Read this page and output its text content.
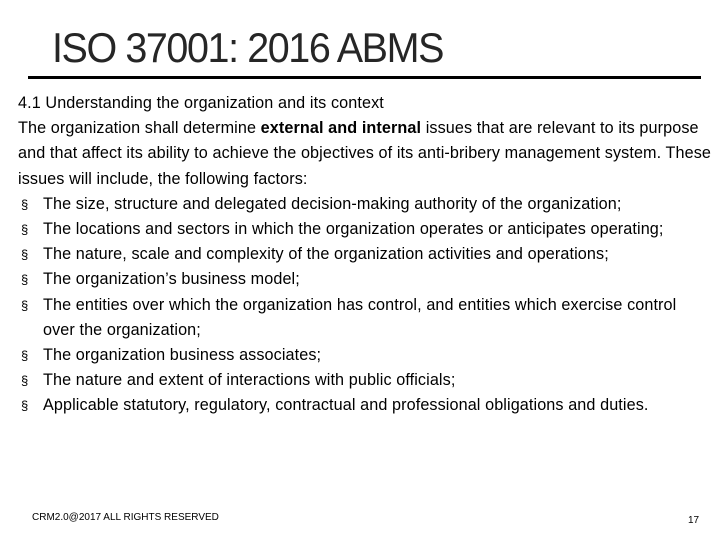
ISO 37001: 2016 ABMS

4.1 Understanding the organization and its context

The organization shall determine external and internal issues that are relevant to its purpose and that affect its ability to achieve the objectives of its anti-bribery management system. These issues will include, the following factors:

§ The size, structure and delegated decision-making authority of the organization;
§ The locations and sectors in which the organization operates or anticipates operating;
§ The nature, scale and complexity of the organization activities and operations;
§ The organization’s business model;
§ The entities over which the organization has control, and entities which exercise control over the organization;
§ The organization business associates;
§ The nature and extent of interactions with public officials;
§ Applicable statutory, regulatory, contractual and professional obligations and duties.
CRM2.0@2017 ALL RIGHTS RESERVED	17
